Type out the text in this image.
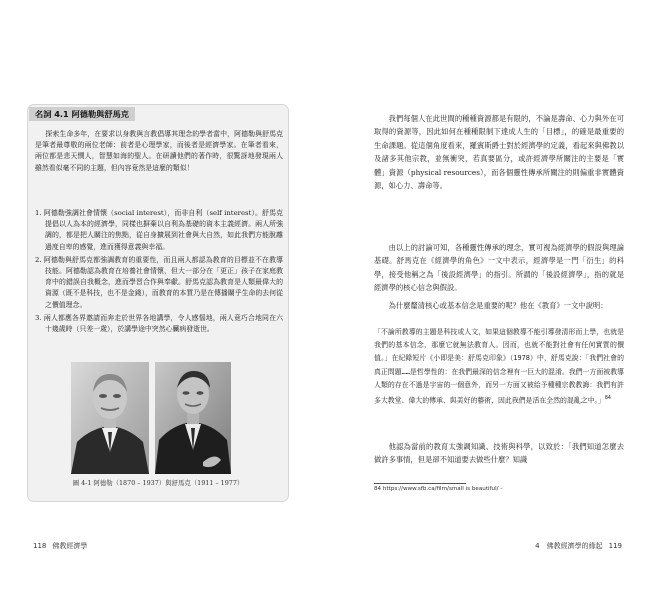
名詞 4.1 阿德勒與舒馬克
探索生命多年，在要求以身教與言教倡導其理念的學者當中，阿德勒與舒馬克是筆者最尊敬的兩位老師：前者是心理學家，而後者是經濟學家。在筆者看來，兩位都是悲天憫人，智慧如海的聖人。在研讀他們的著作時，很驚訝地發現兩人雖然看似毫不同的主題，但內容竟然是這麼的類似！
1. 阿德勒強調社會情懷（social interest），而非自利（self interest）。舒馬克提倡以人為本的經濟學，同樣也摒棄以自利為基礎的資本主義經濟。兩人所強調的，都是把人關注的焦點，從自身擴展到社會與大自然，如此我們方能脫離過度自卑的感覺，進而獲得意義與幸福。
2. 阿德勒與舒馬克都強調教育的重要性，而且兩人都認為教育的目標並不在教導技能。阿德勒認為教育在培養社會情懷，但大一部分在「更正」孩子在家庭教育中的錯誤自我概念，進而學習合作與奉獻。舒馬克認為教育是人類最偉大的資源（既不是科技，也不是金錢），而教育的本質乃是在傳播關乎生命的去何從之價值理念。
3. 兩人都應各界邀請而奔走於世界各地講學，令人感惱地，兩人竟巧合地同在六十幾歲時（只差一歲），於講學途中突然心臟病發逝世。
圖 4-1 阿德勒（1870 – 1937）與舒馬克（1911 – 1977）
118 佛教經濟學
我們每個人在此世間的種種資源都是有限的，不論是壽命、心力與外在可取得的資源等，因此如何在種種限制下達成人生的「目標」，的確是最重要的生命課題。從這個角度看來，羅賓斯爵士對於經濟學的定義，看起來與佛教以及諸多其他宗教，並無衝突，若真要區分，或許經濟學所關注的主要是「實體」資源（physical resources），而各個靈性傳承所關注的則偏重非實體資源，如心力、壽命等。
由以上的討論可知，各種靈性傳承的理念，實可視為經濟學的假設與理論基礎。舒馬克在《經濟學的角色》一文中表示，經濟學是一門「衍生」的科學，接受他稱之為「後設經濟學」的指引。所謂的「後設經濟學」，指的就是經濟學的核心信念與假設。
為什麼釐清核心或基本信念是重要的呢？他在《教育》一文中說明：
「不論所教導的主題是科技或人文，如果這個教導不能引導發清形而上學，也就是我們的基本信念，那麼它就無法教育人。因而，也就不能對社會有任何實質的價值。」在紀錄短片《小即是美：舒馬克印象》（1978）中，舒馬克說：「我們社會的真正問題……是哲學性的：在我們最深的信念裡有一巨大的混淆。我們一方面被教導人類的存在不過是宇宙的一個意外，而另一方面又被給予種種宗教教誨：我們有許多大教堂、偉大的傳承、與美好的藝術，因此我們是活在全然的混亂之中。」$^{84}$
他認為當前的教育太強調知識、技術與科學，以致於：「我們知道怎麼去做許多事情，但是卻不知道要去做些什麼？知識
84 https://www.sfb.ca/film/small is beautiful/ -
4　佛教經濟學的緣起 119
